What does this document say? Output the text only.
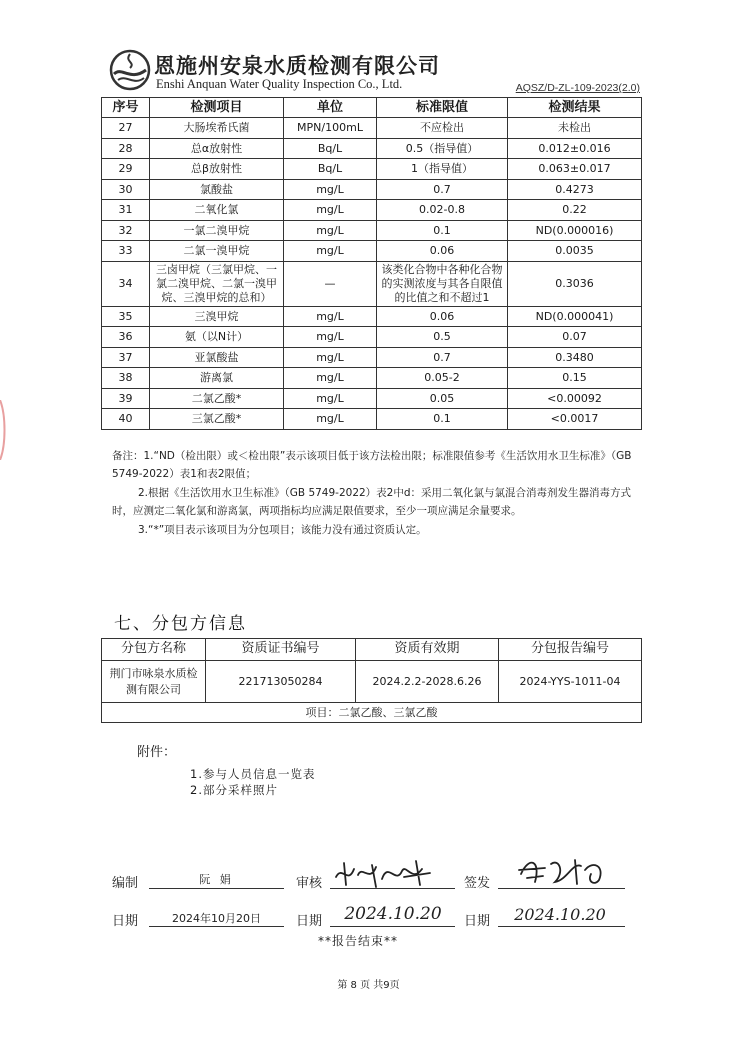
恩施州安泉水质检测有限公司
Enshi Anquan Water Quality Inspection Co., Ltd.	AQSZ/D-ZL-109-2023(2.0)
序号	检测项目	单位	标准限值	检测结果
27	大肠埃希氏菌	MPN/100mL	不应检出	未检出
28	总α放射性	Bq/L	0.5（指导值）	0.012±0.016
29	总β放射性	Bq/L	1（指导值）	0.063±0.017
30	氯酸盐	mg/L	0.7	0.4273
31	二氧化氯	mg/L	0.02-0.8	0.22
32	一氯二溴甲烷	mg/L	0.1	ND(0.000016)
33	二氯一溴甲烷	mg/L	0.06	0.0035
34	三卤甲烷（三氯甲烷、一氯二溴甲烷、二氯一溴甲烷、三溴甲烷的总和）	—	该类化合物中各种化合物的实测浓度与其各自限值的比值之和不超过1	0.3036
35	三溴甲烷	mg/L	0.06	ND(0.000041)
36	氨（以N计）	mg/L	0.5	0.07
37	亚氯酸盐	mg/L	0.7	0.3480
38	游离氯	mg/L	0.05-2	0.15
39	二氯乙酸*	mg/L	0.05	<0.00092
40	三氯乙酸*	mg/L	0.1	<0.0017

备注：1.“ND（检出限）或＜检出限”表示该项目低于该方法检出限；标准限值参考《生活饮用水卫生标准》（GB 5749-2022）表1和表2限值；

2.根据《生活饮用水卫生标准》（GB 5749-2022）表2中d：采用二氧化氯与氯混合消毒剂发生器消毒方式时，应测定二氧化氯和游离氯，两项指标均应满足限值要求，至少一项应满足余量要求。

3.“*”项目表示该项目为分包项目；该能力没有通过资质认定。

七、分包方信息
分包方名称	资质证书编号	资质有效期	分包报告编号
荆门市咏泉水质检测有限公司	221713050284	2024.2.2-2028.6.26	2024-YYS-1011-04
项目：二氯乙酸、三氯乙酸			
附件：
1.参与人员信息一览表
2.部分采样照片
编制	阮 娟	审核	签发
日期	2024年10月20日	日期	2024.10.20	日期	2024.10.20
**报告结束**
第 8 页 共9页
